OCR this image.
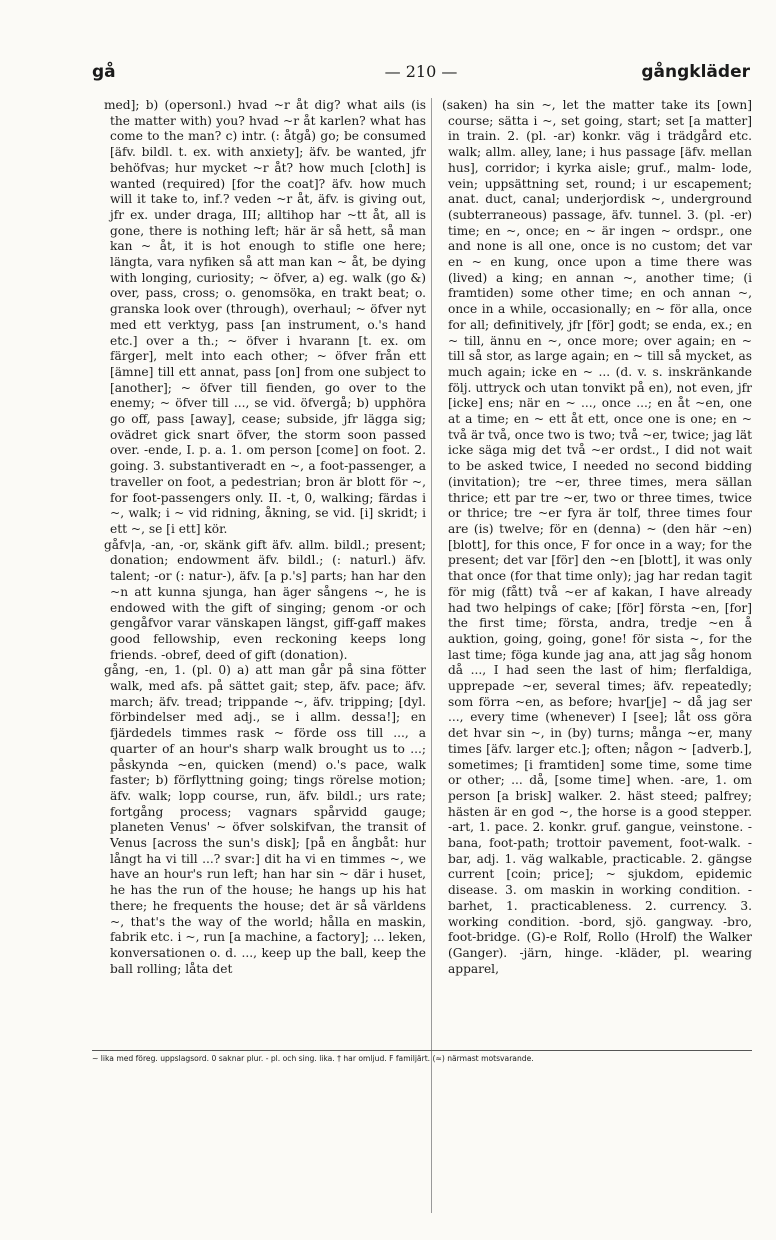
gå	— 210 —	gångkläder

med]; b) (opersonl.) hvad ~r åt dig? what ails (is the matter with) you? hvad ~r åt karlen? what has come to the man? c) intr. (: åtgå) go; be consumed [äfv. bildl. t. ex. with anxiety]; äfv. be wanted, jfr behöfvas; hur mycket ~r åt? how much [cloth] is wanted (required) [for the coat]? äfv. how much will it take to, inf.? veden ~r åt, äfv. is giving out, jfr ex. under draga, III; alltihop har ~tt åt, all is gone, there is nothing left; här är så hett, så man kan ~ åt, it is hot enough to stifle one here; längta, vara nyfiken så att man kan ~ åt, be dying with longing, curiosity; ~ öfver, a) eg. walk (go &) over, pass, cross; o. genomsöka, en trakt beat; o. granska look over (through), overhaul; ~ öfver nyt med ett verktyg, pass [an instrument, o.'s hand etc.] over a th.; ~ öfver i hvarann [t. ex. om färger], melt into each other; ~ öfver från ett [ämne] till ett annat, pass [on] from one subject to [another]; ~ öfver till fienden, go over to the enemy; ~ öfver till ..., se vid. öfvergå; b) upphöra go off, pass [away], cease; subside, jfr lägga sig; ovädret gick snart öfver, the storm soon passed over. -ende, I. p. a. 1. om person [come] on foot. 2. going. 3. substantiveradt en ~, a foot-passenger, a traveller on foot, a pedestrian; bron är blott för ~, for foot-passengers only. II. -t, 0, walking; färdas i ~, walk; i ~ vid ridning, åkning, se vid. [i] skridt; i ett ~, se [i ett] kör.

gåfv|a, -an, -or, skänk gift äfv. allm. bildl.; present; donation; endowment äfv. bildl.; (: naturl.) äfv. talent; -or (: natur-), äfv. [a p.'s] parts; han har den ~n att kunna sjunga, han äger sångens ~, he is endowed with the gift of singing; genom -or och gengåfvor varar vänskapen längst, giff-gaff makes good fellowship, even reckoning keeps long friends. -obref, deed of gift (donation).

gång, -en, 1. (pl. 0) a) att man går på sina fötter walk, med afs. på sättet gait; step, äfv. pace; äfv. march; äfv. tread; trippande ~, äfv. tripping; [dyl. förbindelser med adj., se i allm. dessa!]; en fjärdedels timmes rask ~ förde oss till ..., a quarter of an hour's sharp walk brought us to ...; påskynda ~en, quicken (mend) o.'s pace, walk faster; b) förflyttning going; tings rörelse motion; äfv. walk; lopp course, run, äfv. bildl.; urs rate; fortgång process; vagnars spårvidd gauge; planeten Venus' ~ öfver solskifvan, the transit of Venus [across the sun's disk]; [på en ångbåt: hur långt ha vi till ...? svar:] dit ha vi en timmes ~, we have an hour's run left; han har sin ~ där i huset, he has the run of the house; he hangs up his hat there; he frequents the house; det är så världens ~, that's the way of the world; hålla en maskin, fabrik etc. i ~, run [a machine, a factory]; ... leken, konversationen o. d. ..., keep up the ball, keep the ball rolling; låta det

(saken) ha sin ~, let the matter take its [own] course; sätta i ~, set going, start; set [a matter] in train. 2. (pl. -ar) konkr. väg i trädgård etc. walk; allm. alley, lane; i hus passage [äfv. mellan hus], corridor; i kyrka aisle; gruf., malm- lode, vein; uppsättning set, round; i ur escapement; anat. duct, canal; underjordisk ~, underground (subterraneous) passage, äfv. tunnel. 3. (pl. -er) time; en ~, once; en ~ är ingen ~ ordspr., one and none is all one, once is no custom; det var en ~ en kung, once upon a time there was (lived) a king; en annan ~, another time; (i framtiden) some other time; en och annan ~, once in a while, occasionally; en ~ för alla, once for all; definitively, jfr [för] godt; se enda, ex.; en ~ till, ännu en ~, once more; over again; en ~ till så stor, as large again; en ~ till så mycket, as much again; icke en ~ ... (d. v. s. inskränkande följ. uttryck och utan tonvikt på en), not even, jfr [icke] ens; när en ~ ..., once ...; en åt ~en, one at a time; en ~ ett åt ett, once one is one; en ~ två är två, once two is two; två ~er, twice; jag lät icke säga mig det två ~er ordst., I did not wait to be asked twice, I needed no second bidding (invitation); tre ~er, three times, mera sällan thrice; ett par tre ~er, two or three times, twice or thrice; tre ~er fyra är tolf, three times four are (is) twelve; för en (denna) ~ (den här ~en) [blott], for this once, F for once in a way; for the present; det var [för] den ~en [blott], it was only that once (for that time only); jag har redan tagit för mig (fått) två ~er af kakan, I have already had two helpings of cake; [för] första ~en, [for] the first time; första, andra, tredje ~en å auktion, going, going, gone! för sista ~, for the last time; föga kunde jag ana, att jag såg honom då ..., I had seen the last of him; flerfaldiga, upprepade ~er, several times; äfv. repeatedly; som förra ~en, as before; hvar[je] ~ då jag ser ..., every time (whenever) I [see]; låt oss göra det hvar sin ~, in (by) turns; många ~er, many times [äfv. larger etc.]; often; någon ~ [adverb.], sometimes; [i framtiden] some time, some time or other; ... då, [some time] when. -are, 1. om person [a brisk] walker. 2. häst steed; palfrey; hästen är en god ~, the horse is a good stepper. -art, 1. pace. 2. konkr. gruf. gangue, veinstone. -bana, foot-path; trottoir pavement, foot-walk. -bar, adj. 1. väg walkable, practicable. 2. gängse current [coin; price]; ~ sjukdom, epidemic disease. 3. om maskin in working condition. -barhet, 1. practicableness. 2. currency. 3. working condition. -bord, sjö. gangway. -bro, foot-bridge. (G)-e Rolf, Rollo (Hrolf) the Walker (Ganger). -järn, hinge. -kläder, pl. wearing apparel,

~ lika med föreg. uppslagsord. 0 saknar plur. - pl. och sing. lika. † har omljud. F familjärt. (≈) närmast motsvarande.
